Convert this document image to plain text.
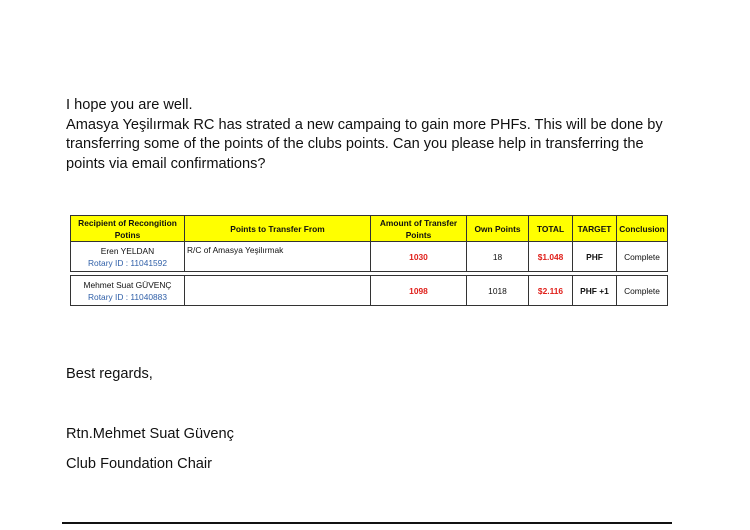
I hope you are well.
Amasya Yeşilırmak RC has strated a new campaing to gain more PHFs. This will be done by
transferring some of the points of the clubs points. Can you please help in transferring the
points via email confirmations?
Recipient of Recongition Potins	Points to Transfer From	Amount of Transfer Points	Own Points	TOTAL	TARGET	Conclusion

Eren YELDAN
Rotary ID : 11041592	R/C of Amasya Yeşilırmak	1030	18	$1.048	PHF	Complete

Mehmet Suat GÜVENÇ
Rotary ID : 11040883		1098	1018	$2.116	PHF +1	Complete
Best regards,
Rtn.Mehmet Suat Güvenç
Club Foundation Chair
